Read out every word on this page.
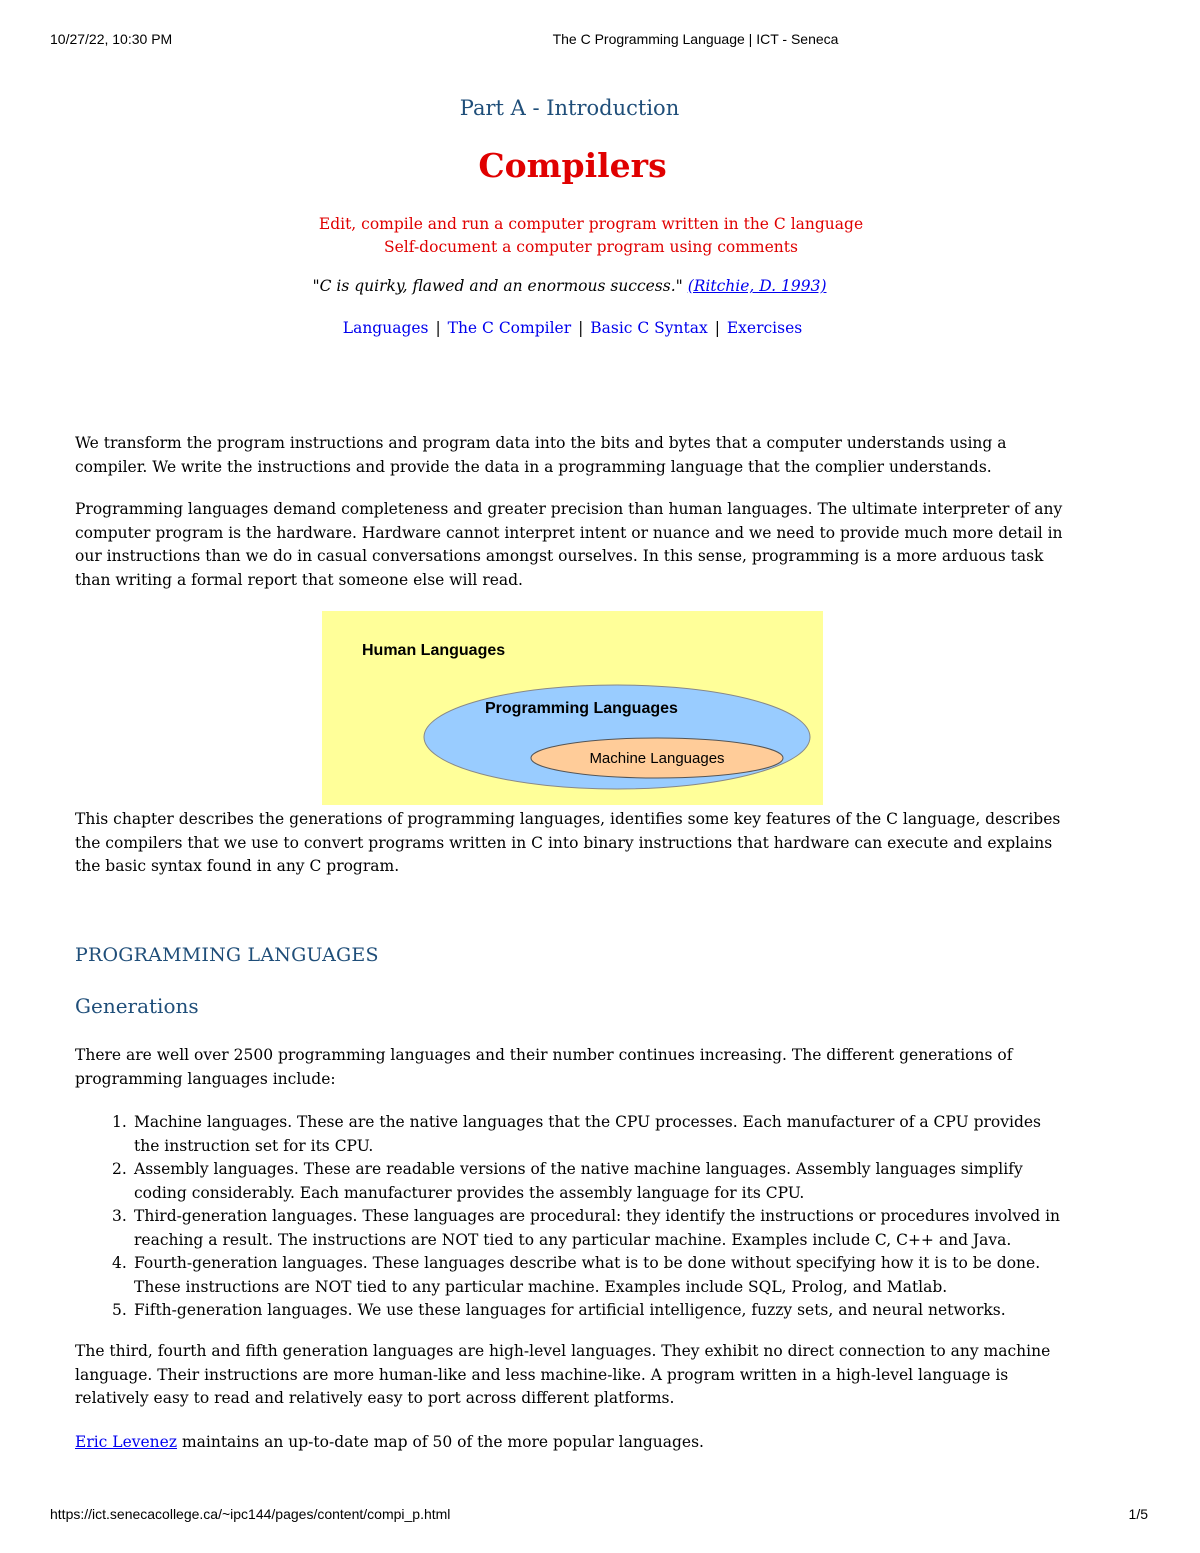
10/27/22, 10:30 PM	The C Programming Language | ICT - Seneca
Part A - Introduction
Compilers
Edit, compile and run a computer program written in the C language
Self-document a computer program using comments
"C is quirky, flawed and an enormous success." (Ritchie, D. 1993)
Languages | The C Compiler | Basic C Syntax | Exercises

We transform the program instructions and program data into the bits and bytes that a computer understands using a compiler. We write the instructions and provide the data in a programming language that the complier understands.

Programming languages demand completeness and greater precision than human languages. The ultimate interpreter of any computer program is the hardware. Hardware cannot interpret intent or nuance and we need to provide much more detail in our instructions than we do in casual conversations amongst ourselves. In this sense, programming is a more arduous task than writing a formal report that someone else will read.

Human Languages
Programming Languages
Machine Languages

This chapter describes the generations of programming languages, identifies some key features of the C language, describes the compilers that we use to convert programs written in C into binary instructions that hardware can execute and explains the basic syntax found in any C program.

PROGRAMMING LANGUAGES
Generations

There are well over 2500 programming languages and their number continues increasing. The different generations of programming languages include:

1. Machine languages. These are the native languages that the CPU processes. Each manufacturer of a CPU provides the instruction set for its CPU.
2. Assembly languages. These are readable versions of the native machine languages. Assembly languages simplify coding considerably. Each manufacturer provides the assembly language for its CPU.
3. Third-generation languages. These languages are procedural: they identify the instructions or procedures involved in reaching a result. The instructions are NOT tied to any particular machine. Examples include C, C++ and Java.
4. Fourth-generation languages. These languages describe what is to be done without specifying how it is to be done. These instructions are NOT tied to any particular machine. Examples include SQL, Prolog, and Matlab.
5. Fifth-generation languages. We use these languages for artificial intelligence, fuzzy sets, and neural networks.

The third, fourth and fifth generation languages are high-level languages. They exhibit no direct connection to any machine language. Their instructions are more human-like and less machine-like. A program written in a high-level language is relatively easy to read and relatively easy to port across different platforms.

Eric Levenez maintains an up-to-date map of 50 of the more popular languages.

https://ict.senecacollege.ca/~ipc144/pages/content/compi_p.html	1/5
